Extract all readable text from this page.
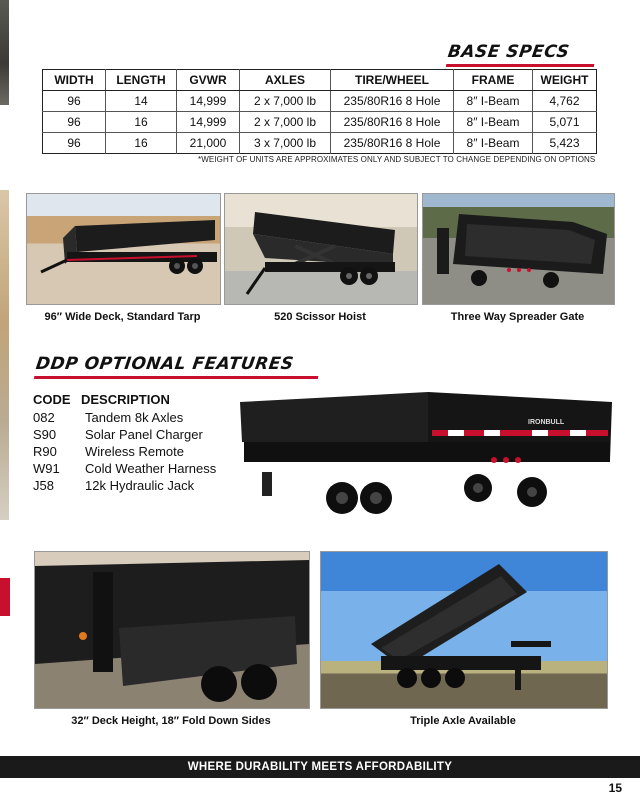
BASE SPECS
WIDTH	LENGTH	GVWR	AXLES	TIRE/WHEEL	FRAME	WEIGHT
96	14	14,999	2 x 7,000 lb	235/80R16 8 Hole	8″ I-Beam	4,762
96	16	14,999	2 x 7,000 lb	235/80R16 8 Hole	8″ I-Beam	5,071
96	16	21,000	3 x 7,000 lb	235/80R16 8 Hole	8″ I-Beam	5,423
*WEIGHT OF UNITS ARE APPROXIMATES ONLY AND SUBJECT TO CHANGE DEPENDING ON OPTIONS
96″ Wide Deck, Standard Tarp	520 Scissor Hoist	Three Way Spreader Gate
DDP OPTIONAL FEATURES
CODE DESCRIPTION
082	Tandem 8k Axles
S90	Solar Panel Charger
R90	Wireless Remote
W91	Cold Weather Harness
J58	12k Hydraulic Jack
IRONBULL
32″ Deck Height, 18″ Fold Down Sides	Triple Axle Available
WHERE DURABILITY MEETS AFFORDABILITY
15
